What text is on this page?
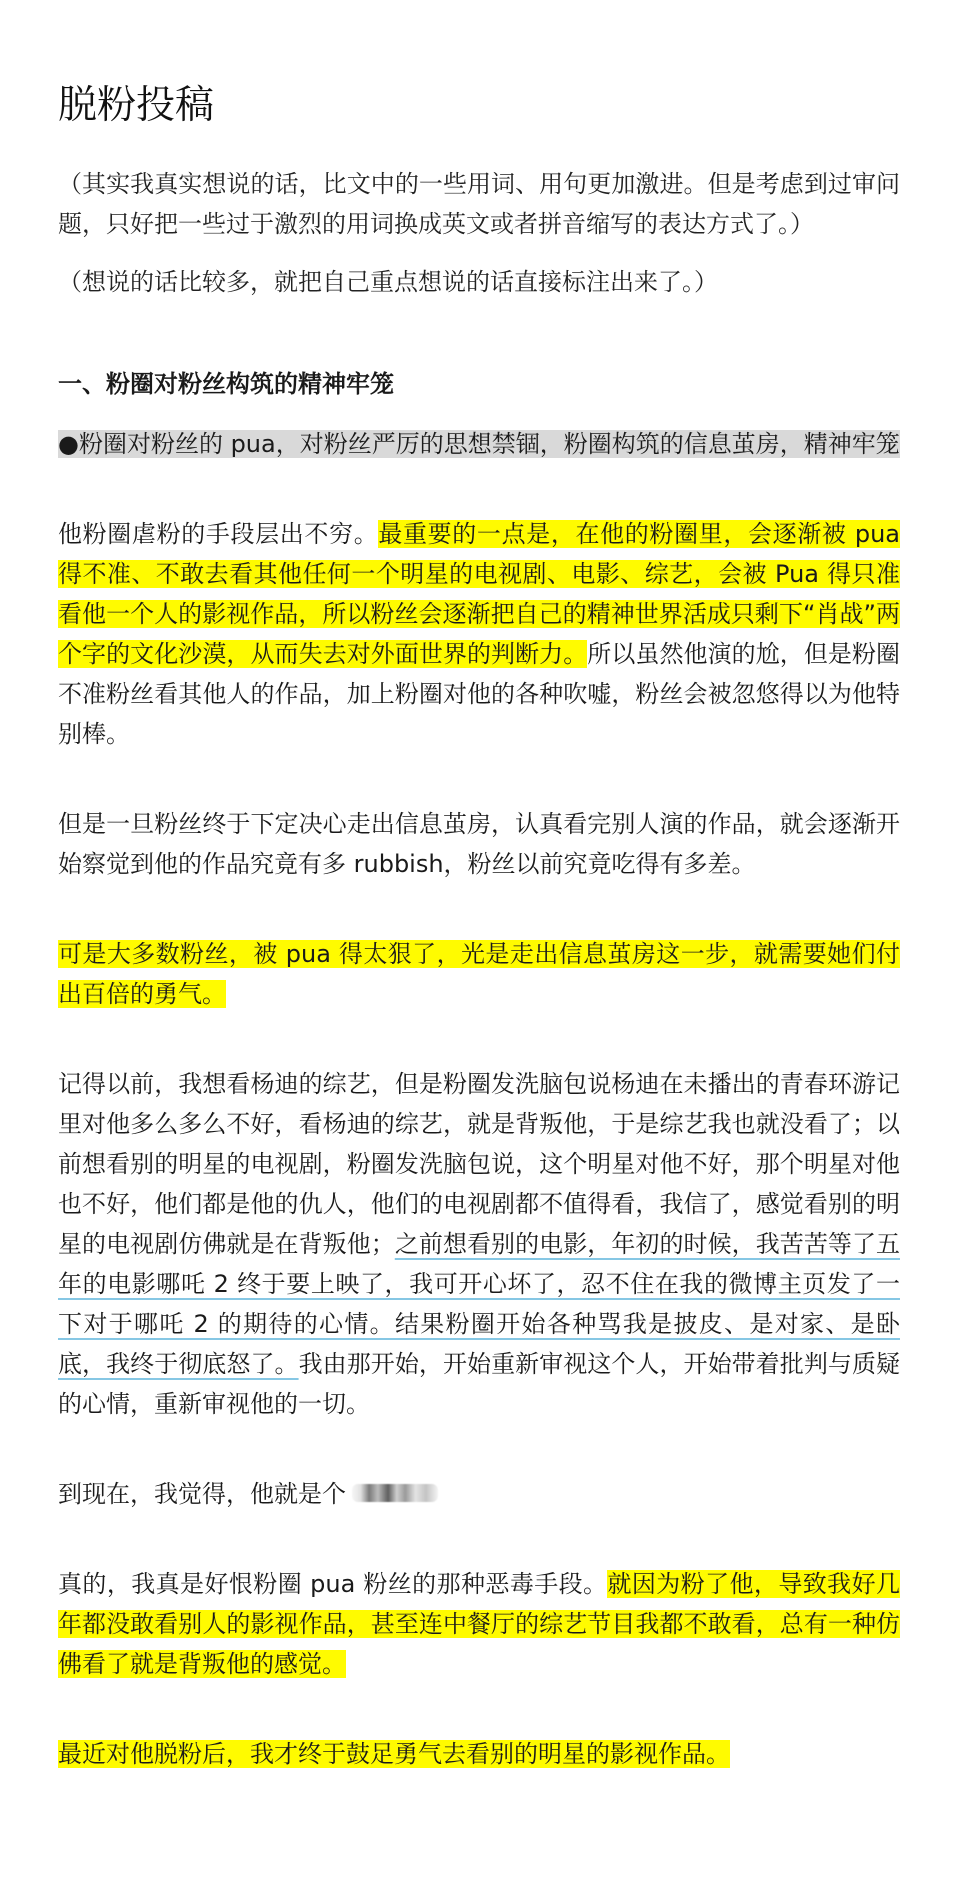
脱粉投稿

（其实我真实想说的话，比文中的一些用词、用句更加激进。但是考虑到过审问题，只好把一些过于激烈的用词换成英文或者拼音缩写的表达方式了。）

（想说的话比较多，就把自己重点想说的话直接标注出来了。）

一、粉圈对粉丝构筑的精神牢笼

●粉圈对粉丝的 pua，对粉丝严厉的思想禁锢，粉圈构筑的信息茧房，精神牢笼

他粉圈虐粉的手段层出不穷。最重要的一点是，在他的粉圈里，会逐渐被 pua 得不准、不敢去看其他任何一个明星的电视剧、电影、综艺，会被 Pua 得只准看他一个人的影视作品，所以粉丝会逐渐把自己的精神世界活成只剩下“肖战”两个字的文化沙漠，从而失去对外面世界的判断力。所以虽然他演的尬，但是粉圈不准粉丝看其他人的作品，加上粉圈对他的各种吹嘘，粉丝会被忽悠得以为他特别棒。

但是一旦粉丝终于下定决心走出信息茧房，认真看完别人演的作品，就会逐渐开始察觉到他的作品究竟有多 rubbish，粉丝以前究竟吃得有多差。

可是大多数粉丝，被 pua 得太狠了，光是走出信息茧房这一步，就需要她们付出百倍的勇气。

记得以前，我想看杨迪的综艺，但是粉圈发洗脑包说杨迪在未播出的青春环游记里对他多么多么不好，看杨迪的综艺，就是背叛他，于是综艺我也就没看了；以前想看别的明星的电视剧，粉圈发洗脑包说，这个明星对他不好，那个明星对他也不好，他们都是他的仇人，他们的电视剧都不值得看，我信了，感觉看别的明星的电视剧仿佛就是在背叛他；之前想看别的电影，年初的时候，我苦苦等了五年的电影哪吒 2 终于要上映了，我可开心坏了，忍不住在我的微博主页发了一下对于哪吒 2 的期待的心情。结果粉圈开始各种骂我是披皮、是对家、是卧底，我终于彻底怒了。我由那开始，开始重新审视这个人，开始带着批判与质疑的心情，重新审视他的一切。

到现在，我觉得，他就是个

真的，我真是好恨粉圈 pua 粉丝的那种恶毒手段。就因为粉了他，导致我好几年都没敢看别人的影视作品，甚至连中餐厅的综艺节目我都不敢看，总有一种仿佛看了就是背叛他的感觉。

最近对他脱粉后，我才终于鼓足勇气去看别的明星的影视作品。
